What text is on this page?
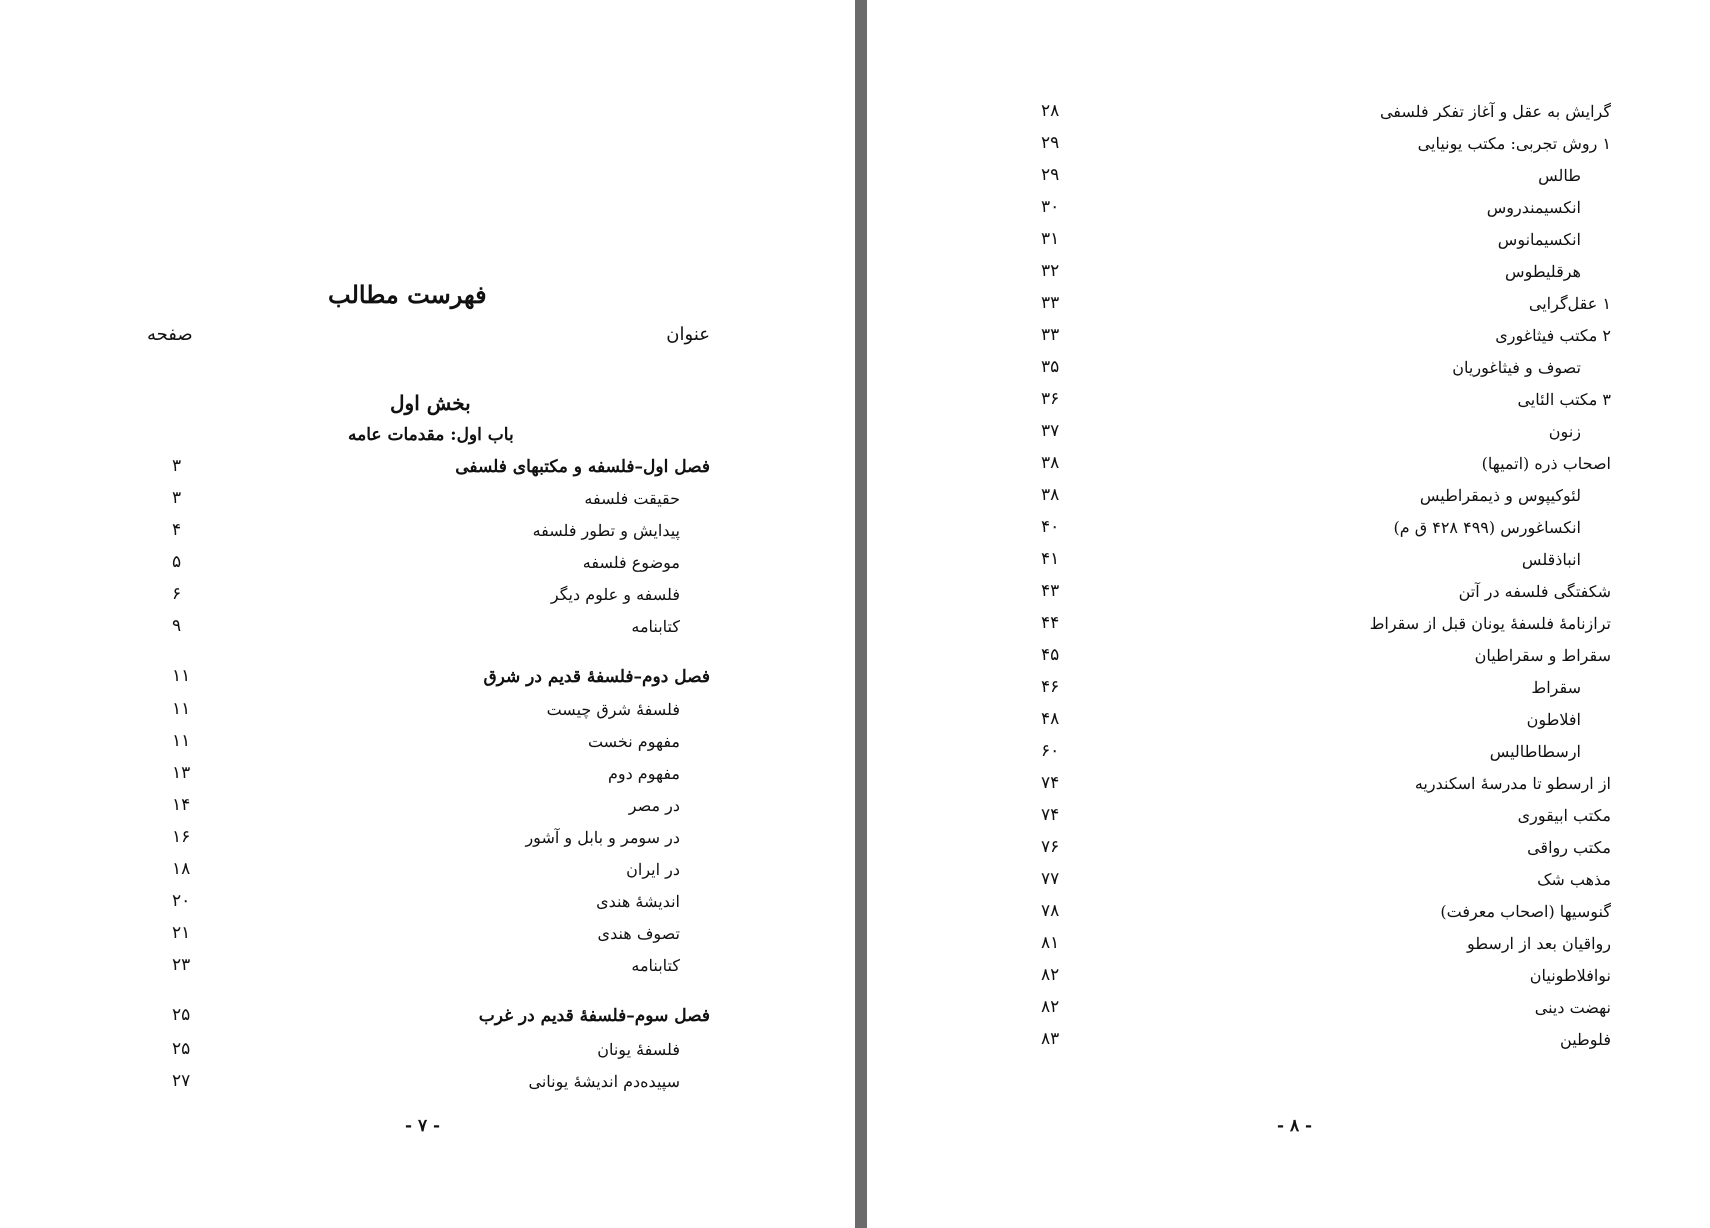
فهرست مطالب
عنوان
صفحه
بخش اول
باب اول: مقدمات عامه
فصل اول–فلسفه و مکتبهای فلسفی
۳
حقیقت فلسفه
۳
پیدایش و تطور فلسفه
۴
موضوع فلسفه
۵
فلسفه و علوم دیگر
۶
کتابنامه
۹
فصل دوم–فلسفهٔ قدیم در شرق
۱۱
فلسفهٔ شرق چیست
۱۱
مفهوم نخست
۱۱
مفهوم دوم
۱۳
در مصر
۱۴
در سومر و بابل و آشور
۱۶
در ایران
۱۸
اندیشهٔ هندی
۲۰
تصوف هندی
۲۱
کتابنامه
۲۳
فصل سوم–فلسفهٔ قدیم در غرب
۲۵
فلسفهٔ یونان
۲۵
سپیده‌دم اندیشهٔ یونانی
۲۷
- ۷ -
گرایش به عقل و آغاز تفکر فلسفی
۲۸
۱ روش تجربی: مکتب یونیایی
۲۹
طالس
۲۹
انکسیمندروس
۳۰
انکسیمانوس
۳۱
هرقلیطوس
۳۲
۱ عقل‌گرایی
۳۳
۲ مکتب فیثاغوری
۳۳
تصوف و فیثاغوریان
۳۵
۳ مکتب الئایی
۳۶
زنون
۳۷
اصحاب ذره (اتمیها)
۳۸
لئوکیپوس و ذیمقراطیس
۳۸
انکساغورس (۴۹۹ ۴۲۸ ق م)
۴۰
انباذقلس
۴۱
شکفتگی فلسفه در آتن
۴۳
ترازنامهٔ فلسفهٔ یونان قبل از سقراط
۴۴
سقراط و سقراطیان
۴۵
سقراط
۴۶
افلاطون
۴۸
ارسطاطالیس
۶۰
از ارسطو تا مدرسهٔ اسکندریه
۷۴
مکتب ابیقوری
۷۴
مکتب رواقی
۷۶
مذهب شک
۷۷
گنوسیها (اصحاب معرفت)
۷۸
رواقیان بعد از ارسطو
۸۱
نوافلاطونیان
۸۲
نهضت دینی
۸۲
فلوطین
۸۳
- ۸ -
